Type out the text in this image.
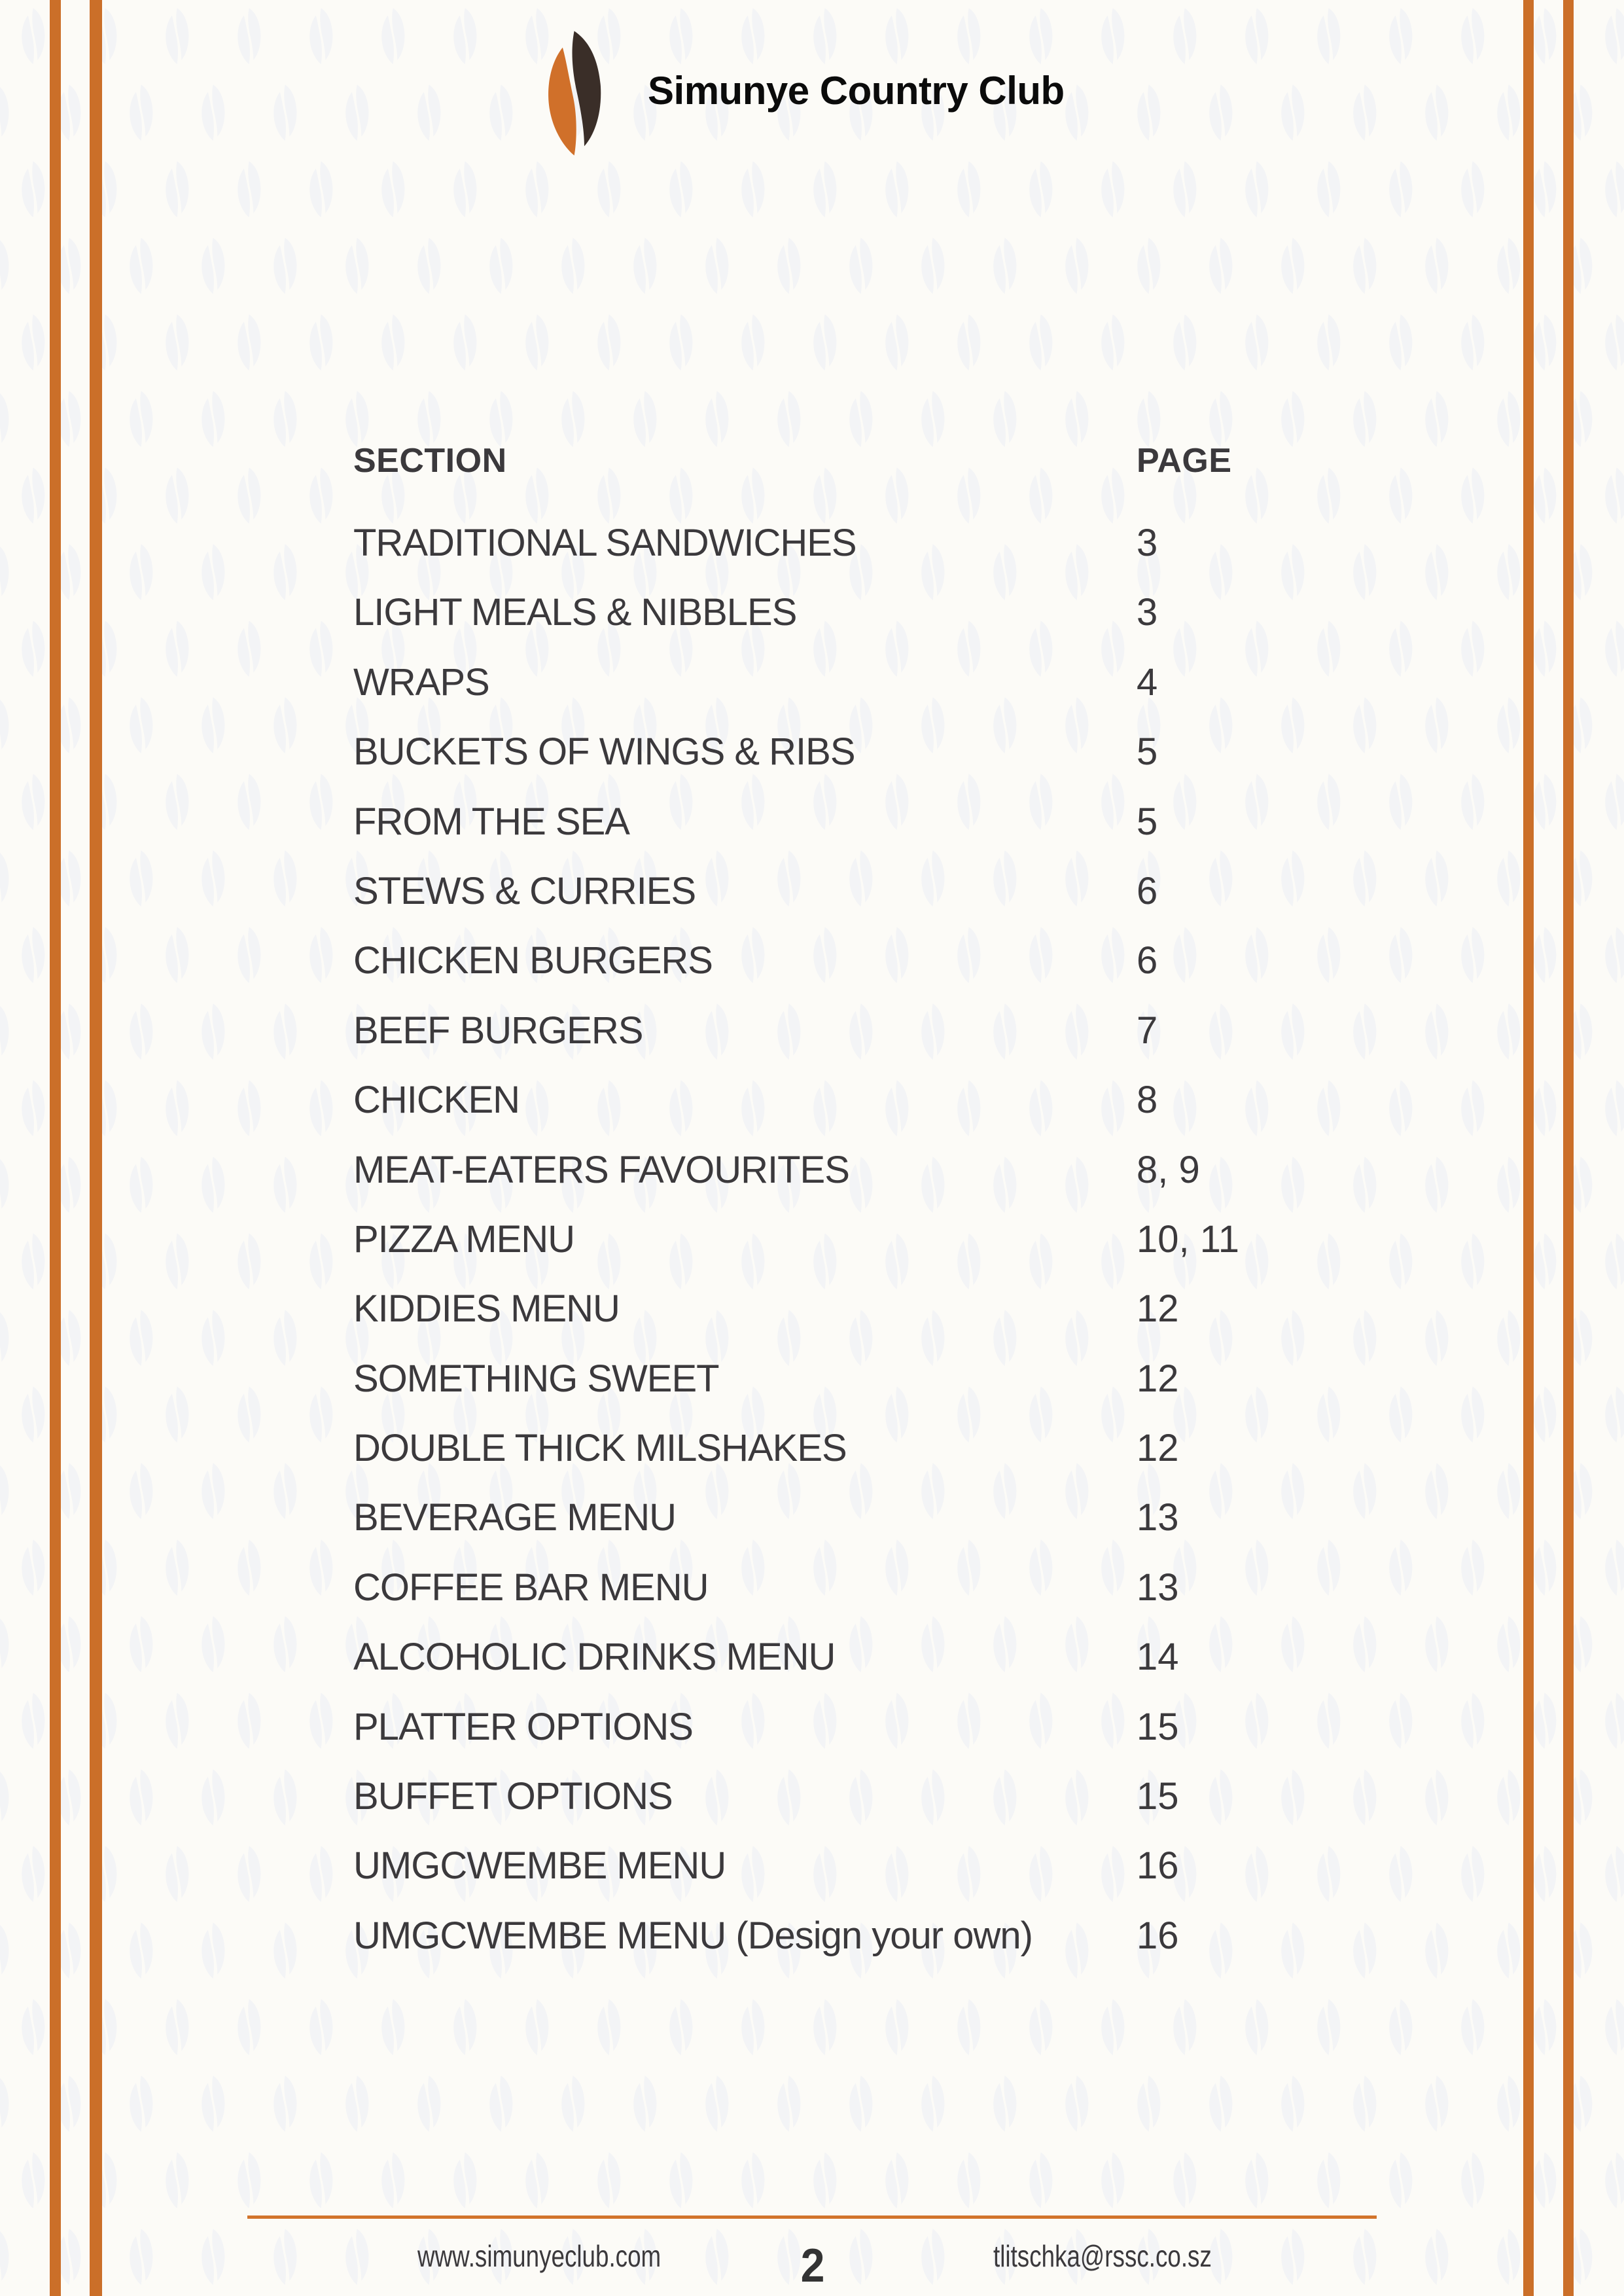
Simunye Country Club
SECTION	PAGE
TRADITIONAL SANDWICHES	3
LIGHT MEALS & NIBBLES	3
WRAPS	4
BUCKETS OF WINGS & RIBS	5
FROM THE SEA	5
STEWS & CURRIES	6
CHICKEN BURGERS	6
BEEF BURGERS	7
CHICKEN	8
MEAT-EATERS FAVOURITES	8, 9
PIZZA MENU	10, 11
KIDDIES MENU	12
SOMETHING SWEET	12
DOUBLE THICK MILSHAKES	12
BEVERAGE MENU	13
COFFEE BAR MENU	13
ALCOHOLIC DRINKS MENU	14
PLATTER OPTIONS	15
BUFFET OPTIONS	15
UMGCWEMBE MENU	16
UMGCWEMBE MENU (Design your own)	16
www.simunyeclub.com	2	tlitschka@rssc.co.sz
